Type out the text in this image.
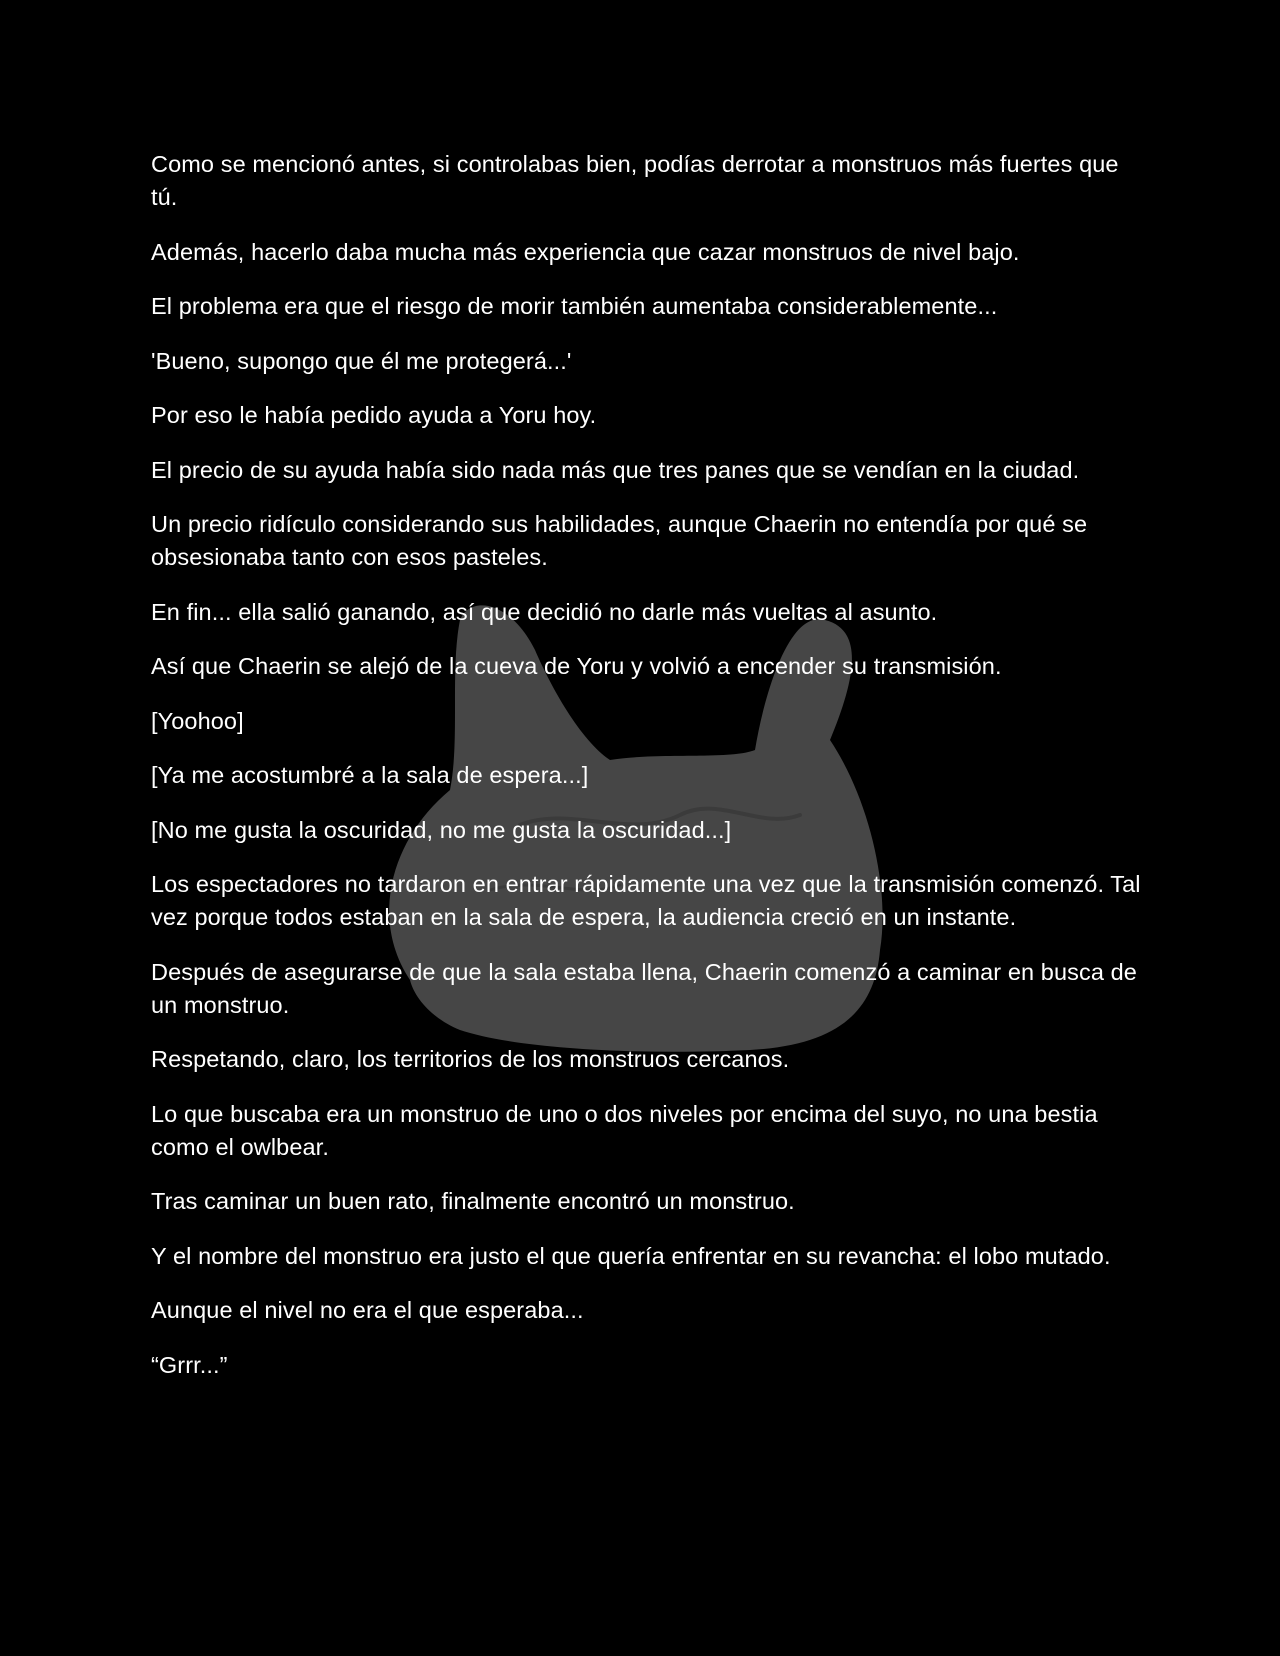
Como se mencionó antes, si controlabas bien, podías derrotar a monstruos más fuertes que tú.

Además, hacerlo daba mucha más experiencia que cazar monstruos de nivel bajo.

El problema era que el riesgo de morir también aumentaba considerablemente...

'Bueno, supongo que él me protegerá...'

Por eso le había pedido ayuda a Yoru hoy.

El precio de su ayuda había sido nada más que tres panes que se vendían en la ciudad.

Un precio ridículo considerando sus habilidades, aunque Chaerin no entendía por qué se obsesionaba tanto con esos pasteles.

En fin... ella salió ganando, así que decidió no darle más vueltas al asunto.

Así que Chaerin se alejó de la cueva de Yoru y volvió a encender su transmisión.

[Yoohoo]

[Ya me acostumbré a la sala de espera...]

[No me gusta la oscuridad, no me gusta la oscuridad...]

Los espectadores no tardaron en entrar rápidamente una vez que la transmisión comenzó. Tal vez porque todos estaban en la sala de espera, la audiencia creció en un instante.

Después de asegurarse de que la sala estaba llena, Chaerin comenzó a caminar en busca de un monstruo.

Respetando, claro, los territorios de los monstruos cercanos.

Lo que buscaba era un monstruo de uno o dos niveles por encima del suyo, no una bestia como el owlbear.

Tras caminar un buen rato, finalmente encontró un monstruo.

Y el nombre del monstruo era justo el que quería enfrentar en su revancha: el lobo mutado.

Aunque el nivel no era el que esperaba...

“Grrr...”
